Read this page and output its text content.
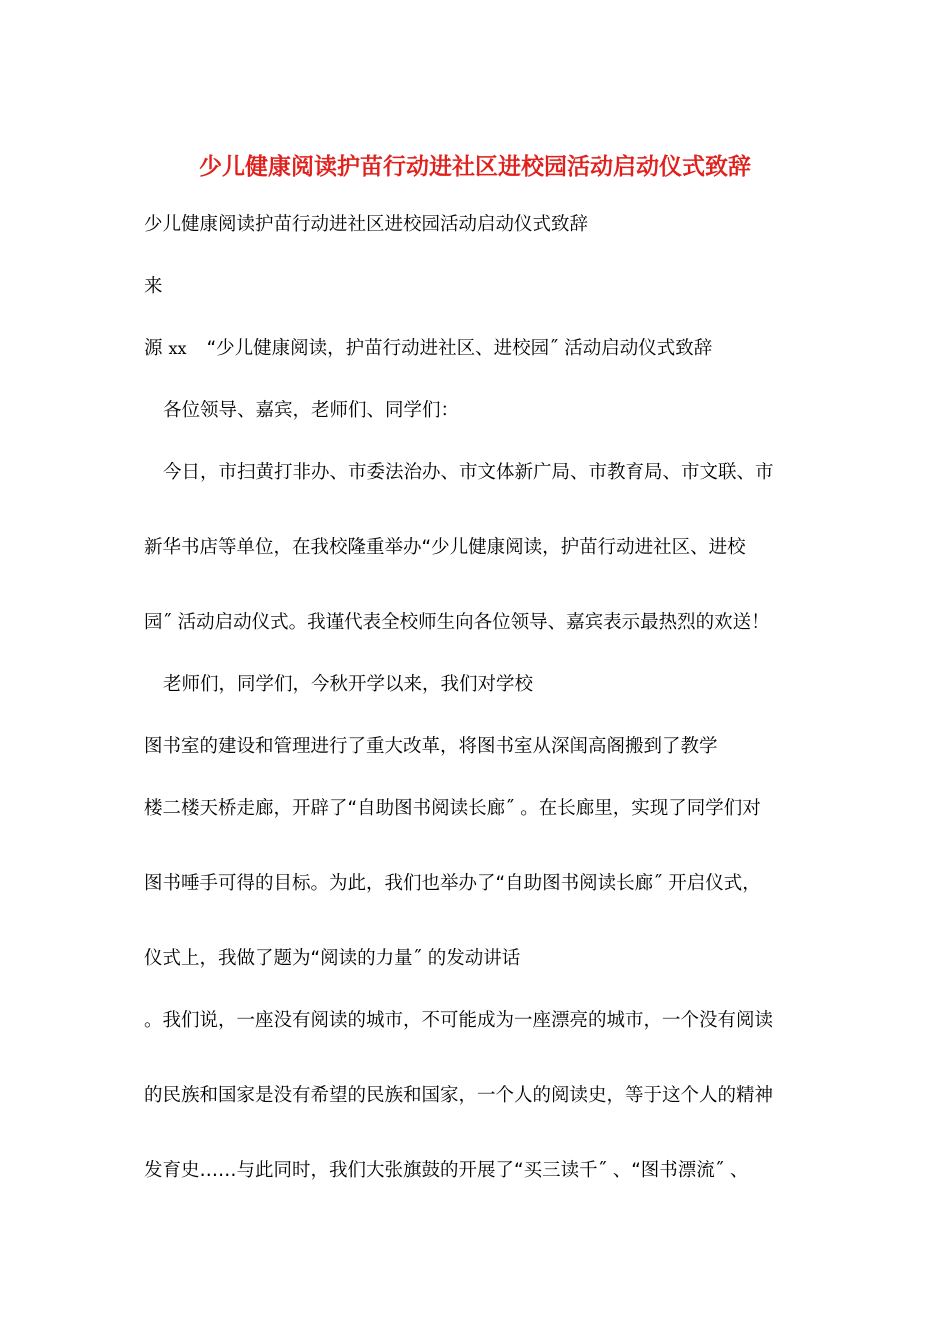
少儿健康阅读护苗行动进社区进校园活动启动仪式致辞
少儿健康阅读护苗行动进社区进校园活动启动仪式致辞
来
源 xx “少儿健康阅读，护苗行动进社区、进校园˝ 活动启动仪式致辞
各位领导、嘉宾，老师们、同学们：
今日，市扫黄打非办、市委法治办、市文体新广局、市教育局、市文联、市
新华书店等单位，在我校隆重举办“少儿健康阅读，护苗行动进社区、进校
园˝ 活动启动仪式。我谨代表全校师生向各位领导、嘉宾表示最热烈的欢送！
老师们，同学们，今秋开学以来，我们对学校
图书室的建设和管理进行了重大改革，将图书室从深闺高阁搬到了教学
楼二楼天桥走廊，开辟了“自助图书阅读长廊˝ 。在长廊里，实现了同学们对
图书唾手可得的目标。为此，我们也举办了“自助图书阅读长廊˝ 开启仪式，
仪式上，我做了题为“阅读的力量˝ 的发动讲话
。我们说，一座没有阅读的城市，不可能成为一座漂亮的城市，一个没有阅读
的民族和国家是没有希望的民族和国家，一个人的阅读史，等于这个人的精神
发育史……与此同时，我们大张旗鼓的开展了“买三读千˝ 、“图书漂流˝ 、
